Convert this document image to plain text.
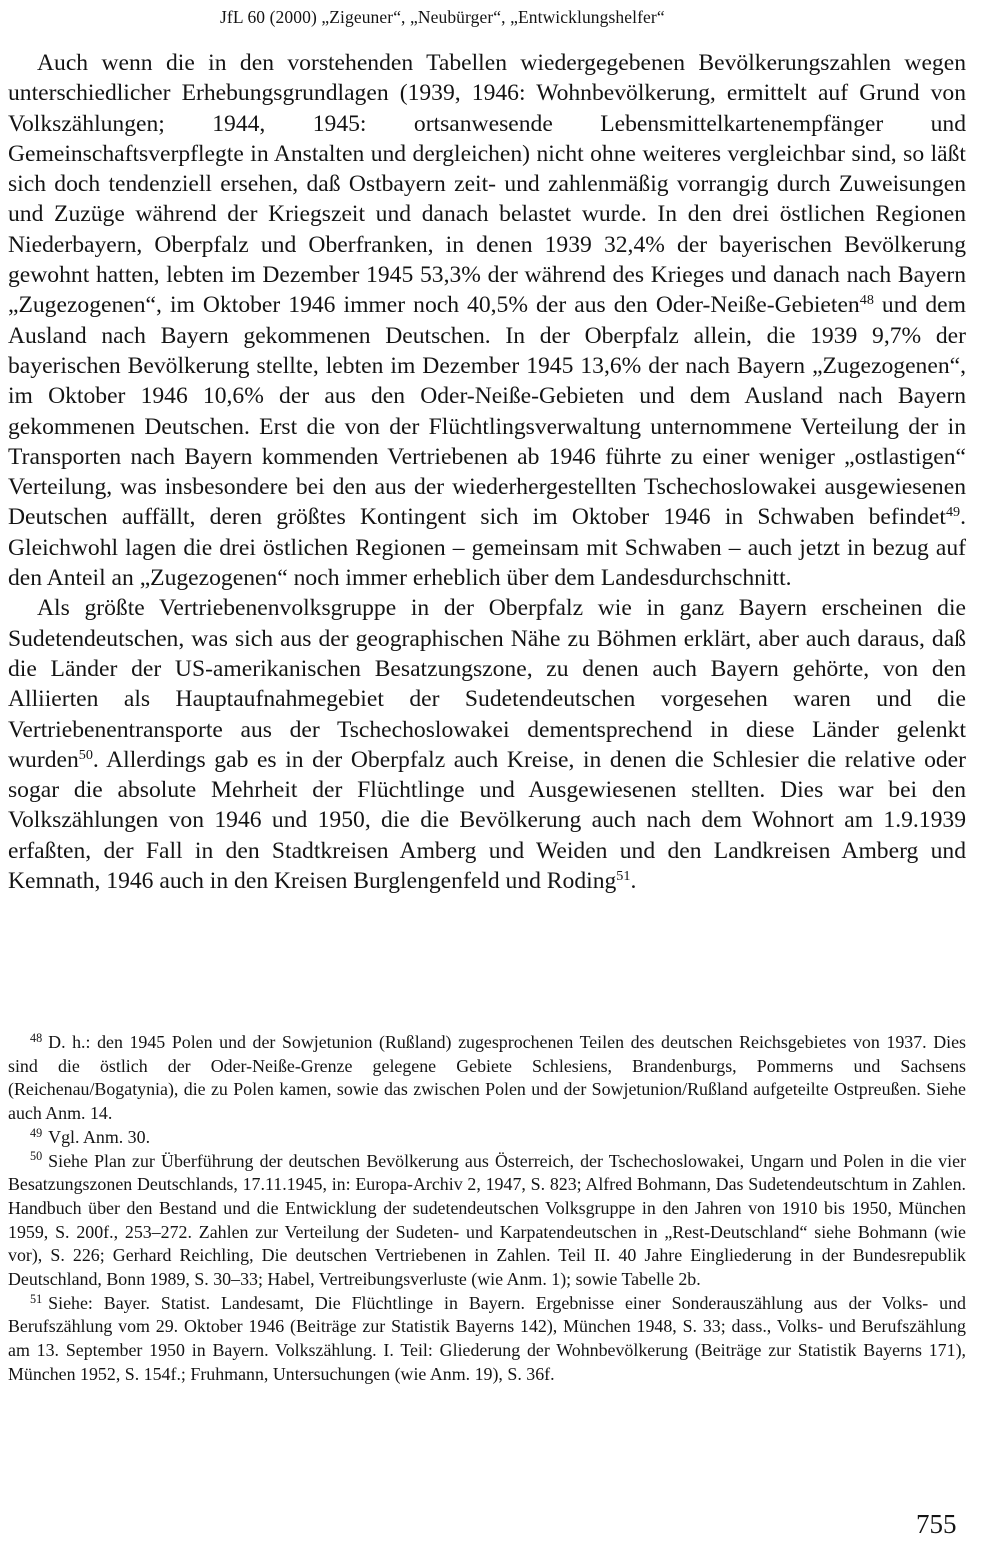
JfL 60 (2000) „Zigeuner“, „Neubürger“, „Entwicklungshelfer“

Auch wenn die in den vorstehenden Tabellen wiedergegebenen Bevölkerungszahlen wegen unterschiedlicher Erhebungsgrundlagen (1939, 1946: Wohnbevölkerung, ermittelt auf Grund von Volkszählungen; 1944, 1945: ortsanwesende Lebensmittelkartenempfänger und Gemeinschaftsverpflegte in Anstalten und dergleichen) nicht ohne weiteres vergleichbar sind, so läßt sich doch tendenziell ersehen, daß Ostbayern zeit- und zahlenmäßig vorrangig durch Zuweisungen und Zuzüge während der Kriegszeit und danach belastet wurde. In den drei östlichen Regionen Niederbayern, Oberpfalz und Oberfranken, in denen 1939 32,4% der bayerischen Bevölkerung gewohnt hatten, lebten im Dezember 1945 53,3% der während des Krieges und danach nach Bayern „Zugezogenen“, im Oktober 1946 immer noch 40,5% der aus den Oder-Neiße-Gebieten$^{48}$ und dem Ausland nach Bayern gekommenen Deutschen. In der Oberpfalz allein, die 1939 9,7% der bayerischen Bevölkerung stellte, lebten im Dezember 1945 13,6% der nach Bayern „Zugezogenen“, im Oktober 1946 10,6% der aus den Oder-Neiße-Gebieten und dem Ausland nach Bayern gekommenen Deutschen. Erst die von der Flüchtlingsverwaltung unternommene Verteilung der in Transporten nach Bayern kommenden Vertriebenen ab 1946 führte zu einer weniger „ostlastigen“ Verteilung, was insbesondere bei den aus der wiederhergestellten Tschechoslowakei ausgewiesenen Deutschen auffällt, deren größtes Kontingent sich im Oktober 1946 in Schwaben befindet$^{49}$. Gleichwohl lagen die drei östlichen Regionen – gemeinsam mit Schwaben – auch jetzt in bezug auf den Anteil an „Zugezogenen“ noch immer erheblich über dem Landesdurchschnitt.

Als größte Vertriebenenvolksgruppe in der Oberpfalz wie in ganz Bayern erscheinen die Sudetendeutschen, was sich aus der geographischen Nähe zu Böhmen erklärt, aber auch daraus, daß die Länder der US-amerikanischen Besatzungszone, zu denen auch Bayern gehörte, von den Alliierten als Hauptaufnahmegebiet der Sudetendeutschen vorgesehen waren und die Vertriebenentransporte aus der Tschechoslowakei dementsprechend in diese Länder gelenkt wurden$^{50}$. Allerdings gab es in der Oberpfalz auch Kreise, in denen die Schlesier die relative oder sogar die absolute Mehrheit der Flüchtlinge und Ausgewiesenen stellten. Dies war bei den Volkszählungen von 1946 und 1950, die die Bevölkerung auch nach dem Wohnort am 1.9.1939 erfaßten, der Fall in den Stadtkreisen Amberg und Weiden und den Landkreisen Amberg und Kemnath, 1946 auch in den Kreisen Burglengenfeld und Roding$^{51}$.

$^{48}$ D. h.: den 1945 Polen und der Sowjetunion (Rußland) zugesprochenen Teilen des deutschen Reichsgebietes von 1937. Dies sind die östlich der Oder-Neiße-Grenze gelegene Gebiete Schlesiens, Brandenburgs, Pommerns und Sachsens (Reichenau/Bogatynia), die zu Polen kamen, sowie das zwischen Polen und der Sowjetunion/Rußland aufgeteilte Ostpreußen. Siehe auch Anm. 14.

$^{49}$ Vgl. Anm. 30.

$^{50}$ Siehe Plan zur Überführung der deutschen Bevölkerung aus Österreich, der Tschechoslowakei, Ungarn und Polen in die vier Besatzungszonen Deutschlands, 17.11.1945, in: Europa-Archiv 2, 1947, S. 823; Alfred Bohmann, Das Sudetendeutschtum in Zahlen. Handbuch über den Bestand und die Entwicklung der sudetendeutschen Volksgruppe in den Jahren von 1910 bis 1950, München 1959, S. 200f., 253–272. Zahlen zur Verteilung der Sudeten- und Karpatendeutschen in „Rest-Deutschland“ siehe Bohmann (wie vor), S. 226; Gerhard Reichling, Die deutschen Vertriebenen in Zahlen. Teil II. 40 Jahre Eingliederung in der Bundesrepublik Deutschland, Bonn 1989, S. 30–33; Habel, Vertreibungsverluste (wie Anm. 1); sowie Tabelle 2b.

$^{51}$ Siehe: Bayer. Statist. Landesamt, Die Flüchtlinge in Bayern. Ergebnisse einer Sonderauszählung aus der Volks- und Berufszählung vom 29. Oktober 1946 (Beiträge zur Statistik Bayerns 142), München 1948, S. 33; dass., Volks- und Berufszählung am 13. September 1950 in Bayern. Volkszählung. I. Teil: Gliederung der Wohnbevölkerung (Beiträge zur Statistik Bayerns 171), München 1952, S. 154f.; Fruhmann, Untersuchungen (wie Anm. 19), S. 36f.

755
